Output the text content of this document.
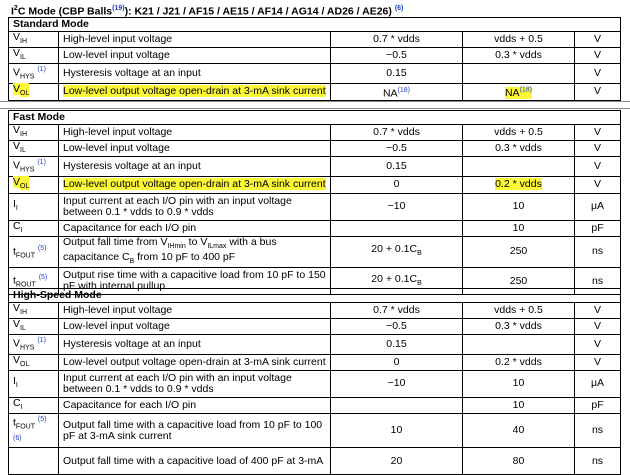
$I^2C$ Mode (CBP Balls$^{(19)}$): K21 / J21 / AF15 / AE15 / AF14 / AG14 / AD26 / AE26) $^{(6)}$
Standard Mode				
$V_{IH}$	High-level input voltage	0.7 * vdds	vdds + 0.5	V
$V_{IL}$	Low-level input voltage	−0.5	0.3 * vdds	V
$V_{HYS}$ $^{(1)}$	Hysteresis voltage at an input	0.15		V
$V_{OL}$	Low-level output voltage open-drain at 3-mA sink current	NA$^{(18)}$	NA$^{(18)}$	V
Fast Mode				
$V_{IH}$	High-level input voltage	0.7 * vdds	vdds + 0.5	V
$V_{IL}$	Low-level input voltage	−0.5	0.3 * vdds	V
$V_{HYS}$ $^{(1)}$	Hysteresis voltage at an input	0.15		V
$V_{OL}$	Low-level output voltage open-drain at 3-mA sink current	0	0.2 * vdds	V
$I_I$	Input current at each I/O pin with an input voltage between 0.1 * vdds to 0.9 * vdds	−10	10	μA
$C_I$	Capacitance for each I/O pin		10	pF
$t_{FOUT}$ $^{(5)}$	Output fall time from $V_{IHmin}$ to $V_{ILmax}$ with a bus capacitance $C_B$ from 10 pF to 400 pF	$20 + 0.1C_B$	250	ns
$t_{ROUT}$ $^{(5)}$	Output rise time with a capacitive load from 10 pF to 150 pF with internal pullup	$20 + 0.1C_B$	250	ns
High-Speed Mode				
$V_{IH}$	High-level input voltage	0.7 * vdds	vdds + 0.5	V
$V_{IL}$	Low-level input voltage	−0.5	0.3 * vdds	V
$V_{HYS}$ $^{(1)}$	Hysteresis voltage at an input	0.15		V
$V_{OL}$	Low-level output voltage open-drain at 3-mA sink current	0	0.2 * vdds	V
$I_I$	Input current at each I/O pin with an input voltage between 0.1 * vdds to 0.9 * vdds	−10	10	μA
$C_I$	Capacitance for each I/O pin		10	pF
$t_{FOUT}$ $^{(5)(6)}$	Output fall time with a capacitive load from 10 pF to 100 pF at 3-mA sink current	10	40	ns
	Output fall time with a capacitive load of 400 pF at 3-mA	20	80	ns
